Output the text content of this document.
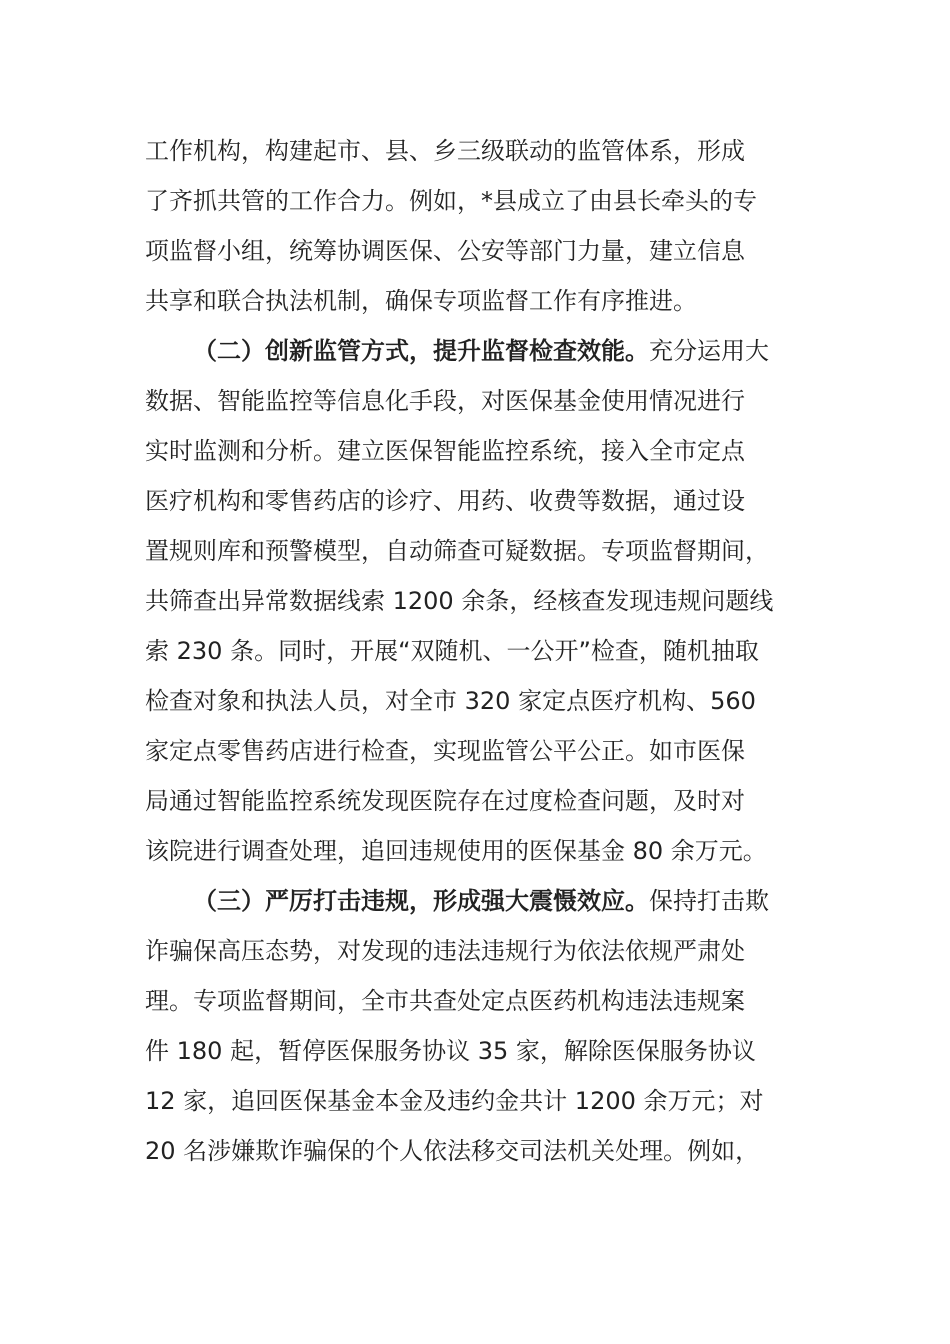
工作机构，构建起市、县、乡三级联动的监管体系，形成
了齐抓共管的工作合力。例如，*县成立了由县长牵头的专
项监督小组，统筹协调医保、公安等部门力量，建立信息
共享和联合执法机制，确保专项监督工作有序推进。
（二）创新监管方式，提升监督检查效能。充分运用大
数据、智能监控等信息化手段，对医保基金使用情况进行
实时监测和分析。建立医保智能监控系统，接入全市定点
医疗机构和零售药店的诊疗、用药、收费等数据，通过设
置规则库和预警模型，自动筛查可疑数据。专项监督期间，
共筛查出异常数据线索 1200 余条，经核查发现违规问题线
索 230 条。同时，开展“双随机、一公开”检查，随机抽取
检查对象和执法人员，对全市 320 家定点医疗机构、560
家定点零售药店进行检查，实现监管公平公正。如市医保
局通过智能监控系统发现医院存在过度检查问题，及时对
该院进行调查处理，追回违规使用的医保基金 80 余万元。
（三）严厉打击违规，形成强大震慑效应。保持打击欺
诈骗保高压态势，对发现的违法违规行为依法依规严肃处
理。专项监督期间，全市共查处定点医药机构违法违规案
件 180 起，暂停医保服务协议 35 家，解除医保服务协议
12 家，追回医保基金本金及违约金共计 1200 余万元；对
20 名涉嫌欺诈骗保的个人依法移交司法机关处理。例如，
